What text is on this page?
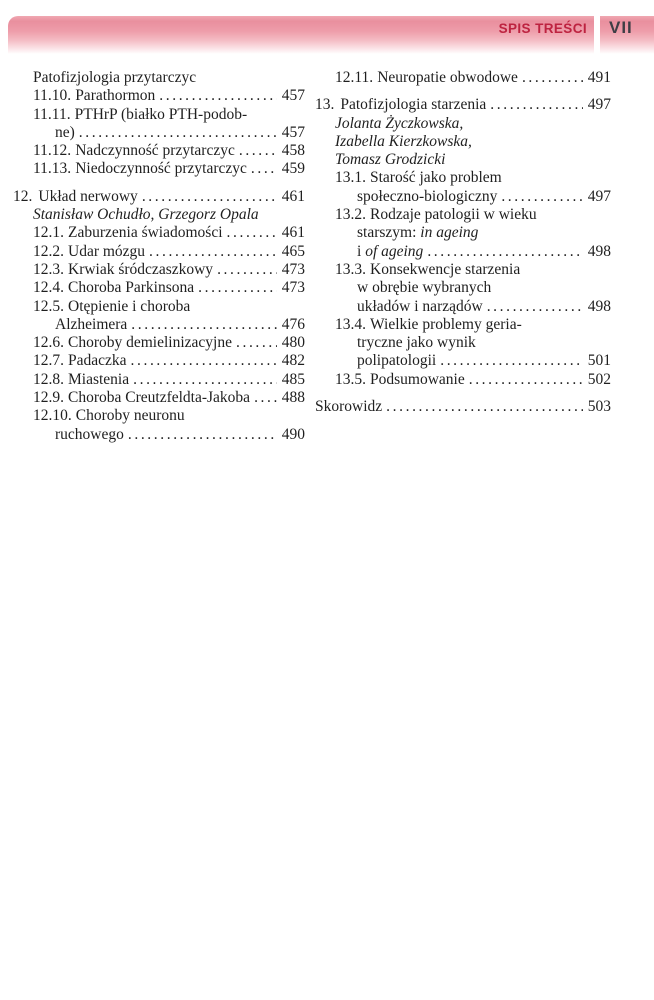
SPIS TREŚCI VII
Patofizjologia przytarczyc
11.10. Parathormon .....	457
11.11. PTHrP (białko PTH-podob-
ne) .....	457
11.12. Nadczynność przytarczyc .....	458
11.13. Niedoczynność przytarczyc .....	459
12. Układ nerwowy .....	461
Stanisław Ochudło, Grzegorz Opala
12.1. Zaburzenia świadomości .....	461
12.2. Udar mózgu .....	465
12.3. Krwiak śródczaszkowy .....	473
12.4. Choroba Parkinsona .....	473
12.5. Otępienie i choroba
Alzheimera .....	476
12.6. Choroby demielinizacyjne .....	480
12.7. Padaczka .....	482
12.8. Miastenia .....	485
12.9. Choroba Creutzfeldta-Jakoba .....	488
12.10. Choroby neuronu
ruchowego .....	490
12.11. Neuropatie obwodowe .....	491
13. Patofizjologia starzenia .....	497
Jolanta Życzkowska,
Izabella Kierzkowska,
Tomasz Grodzicki
13.1. Starość jako problem
społeczno-biologiczny .....	497
13.2. Rodzaje patologii w wieku
starszym: in ageing
i of ageing .....	498
13.3. Konsekwencje starzenia
w obrębie wybranych
układów i narządów .....	498
13.4. Wielkie problemy geria-
tryczne jako wynik
polipatologii .....	501
13.5. Podsumowanie .....	502
Skorowidz .....	503
